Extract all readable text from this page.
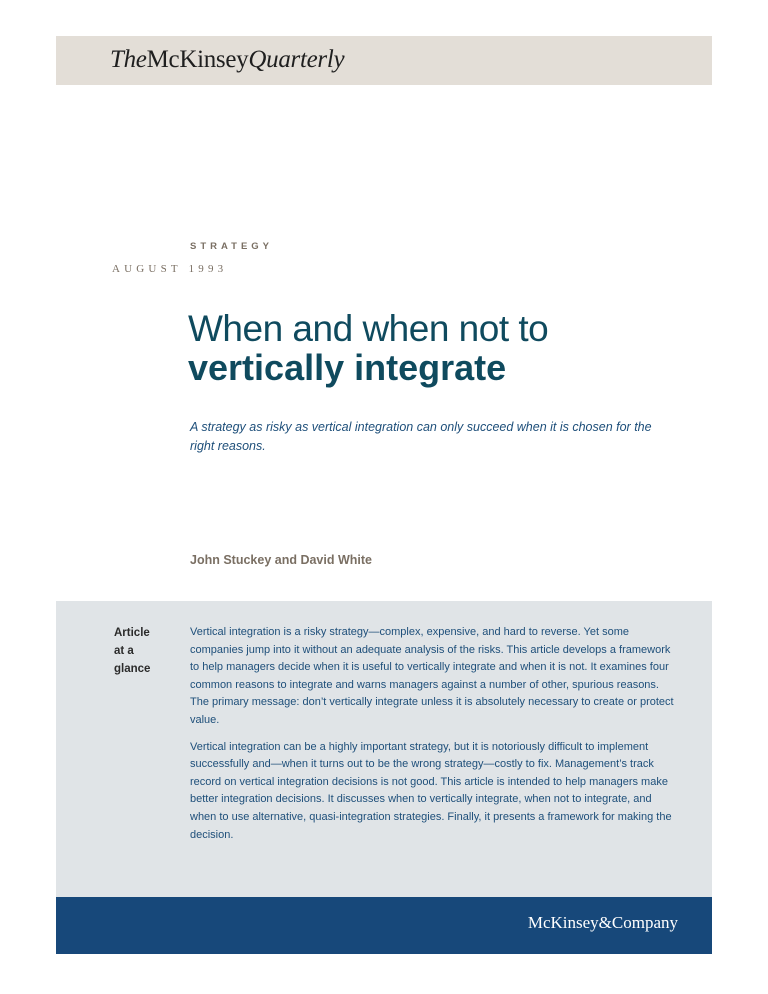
TheMcKinseyQuarterly
STRATEGY
AUGUST 1993
When and when not to
vertically integrate
A strategy as risky as vertical integration can only succeed when it is chosen for the right reasons.
John Stuckey and David White
Article
at a
glance

Vertical integration is a risky strategy—complex, expensive, and hard to reverse. Yet some companies jump into it without an adequate analysis of the risks. This article develops a framework to help managers decide when it is useful to vertically integrate and when it is not. It examines four common reasons to integrate and warns managers against a number of other, spurious reasons. The primary message: don’t vertically integrate unless it is absolutely necessary to create or protect value.

Vertical integration can be a highly important strategy, but it is notoriously difficult to implement successfully and—when it turns out to be the wrong strategy—costly to fix. Management’s track record on vertical integration decisions is not good. This article is intended to help managers make better integration decisions. It discusses when to vertically integrate, when not to integrate, and when to use alternative, quasi-integration strategies. Finally, it presents a framework for making the decision.

McKinsey&Company
